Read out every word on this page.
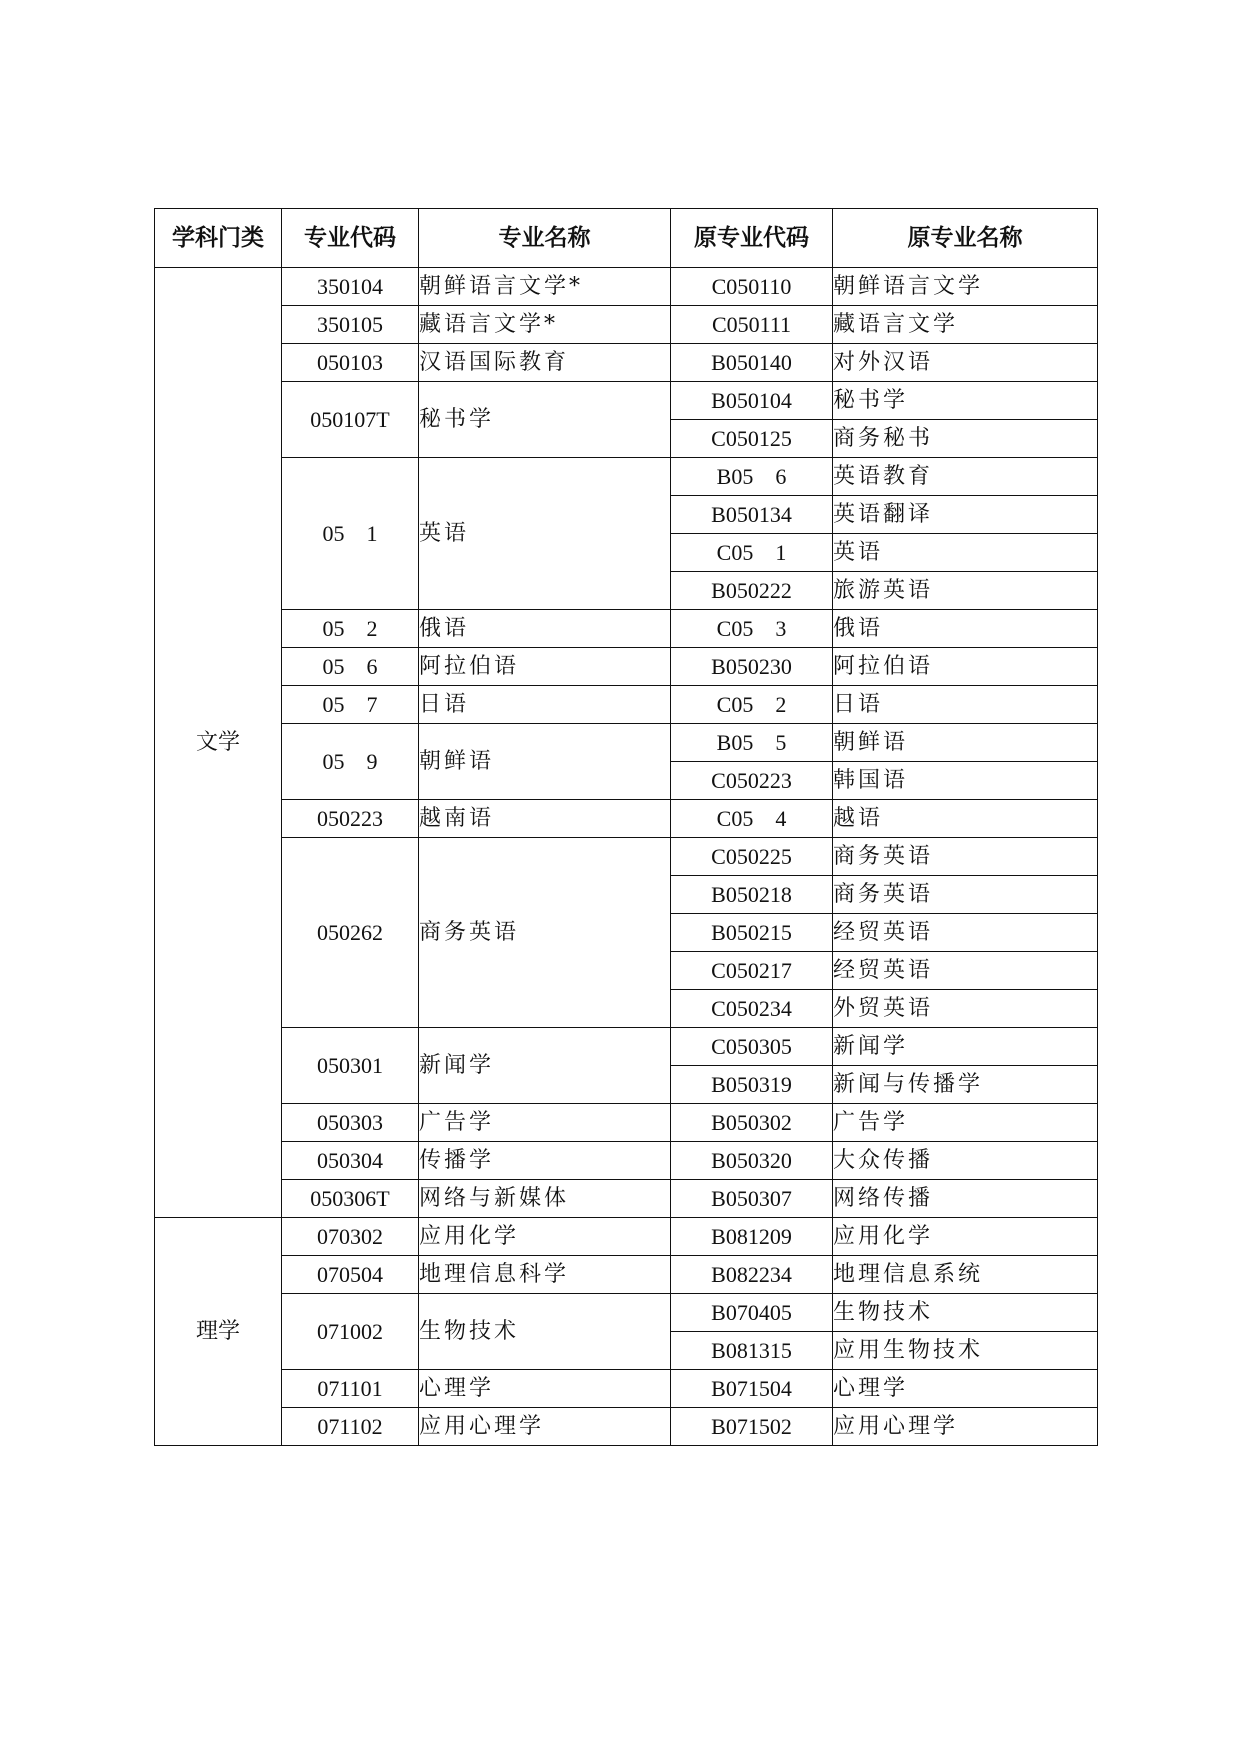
学科门类	专业代码	专业名称	原专业代码	原专业名称
文学	350104	朝鲜语言文学*	C050110	朝鲜语言文学
	350105	藏语言文学*	C050111	藏语言文学
	050103	汉语国际教育	B050140	对外汉语
	050107T	秘书学	B050104	秘书学
			C050125	商务秘书
	05　1	英语	B05　6	英语教育
			B050134	英语翻译
			C05　1	英语
			B050222	旅游英语
	05　2	俄语	C05　3	俄语
	05　6	阿拉伯语	B050230	阿拉伯语
	05　7	日语	C05　2	日语
	05　9	朝鲜语	B05　5	朝鲜语
			C050223	韩国语
	050223	越南语	C05　4	越语
	050262	商务英语	C050225	商务英语
			B050218	商务英语
			B050215	经贸英语
			C050217	经贸英语
			C050234	外贸英语
	050301	新闻学	C050305	新闻学
			B050319	新闻与传播学
	050303	广告学	B050302	广告学
	050304	传播学	B050320	大众传播
	050306T	网络与新媒体	B050307	网络传播
理学	070302	应用化学	B081209	应用化学
	070504	地理信息科学	B082234	地理信息系统
	071002	生物技术	B070405	生物技术
			B081315	应用生物技术
	071101	心理学	B071504	心理学
	071102	应用心理学	B071502	应用心理学
